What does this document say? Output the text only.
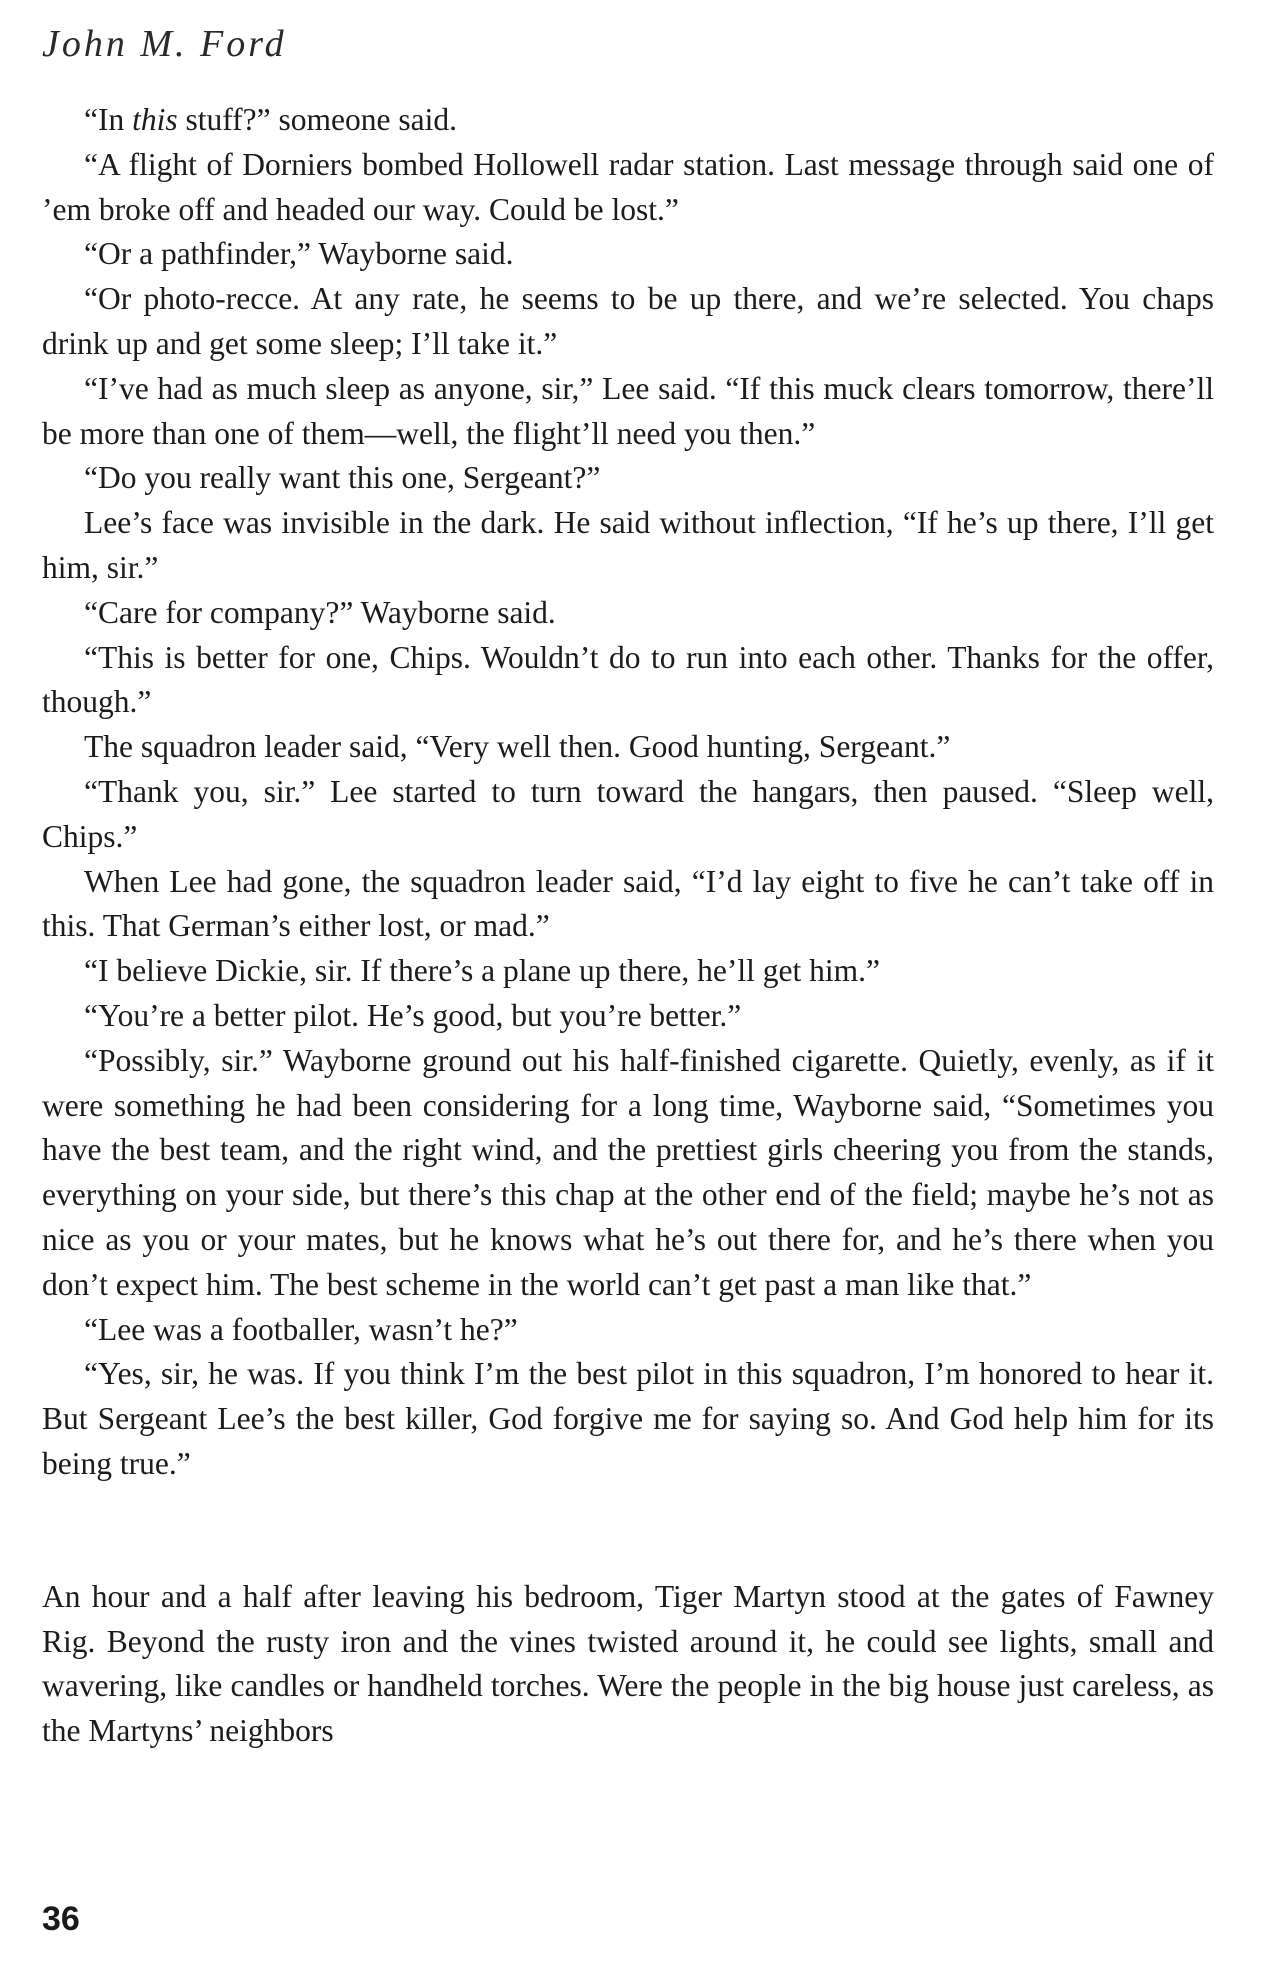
John M. Ford

“In this stuff?” someone said.

“A flight of Dorniers bombed Hollowell radar station. Last message through said one of ’em broke off and headed our way. Could be lost.”

“Or a pathfinder,” Wayborne said.

“Or photo-recce. At any rate, he seems to be up there, and we’re selected. You chaps drink up and get some sleep; I’ll take it.”

“I’ve had as much sleep as anyone, sir,” Lee said. “If this muck clears tomorrow, there’ll be more than one of them—well, the flight’ll need you then.”

“Do you really want this one, Sergeant?”

Lee’s face was invisible in the dark. He said without inflection, “If he’s up there, I’ll get him, sir.”

“Care for company?” Wayborne said.

“This is better for one, Chips. Wouldn’t do to run into each other. Thanks for the offer, though.”

The squadron leader said, “Very well then. Good hunting, Sergeant.”

“Thank you, sir.” Lee started to turn toward the hangars, then paused. “Sleep well, Chips.”

When Lee had gone, the squadron leader said, “I’d lay eight to five he can’t take off in this. That German’s either lost, or mad.”

“I believe Dickie, sir. If there’s a plane up there, he’ll get him.”

“You’re a better pilot. He’s good, but you’re better.”

“Possibly, sir.” Wayborne ground out his half-finished cigarette. Quietly, evenly, as if it were something he had been considering for a long time, Wayborne said, “Sometimes you have the best team, and the right wind, and the prettiest girls cheering you from the stands, everything on your side, but there’s this chap at the other end of the field; maybe he’s not as nice as you or your mates, but he knows what he’s out there for, and he’s there when you don’t expect him. The best scheme in the world can’t get past a man like that.”

“Lee was a footballer, wasn’t he?”

“Yes, sir, he was. If you think I’m the best pilot in this squadron, I’m honored to hear it. But Sergeant Lee’s the best killer, God forgive me for saying so. And God help him for its being true.”

An hour and a half after leaving his bedroom, Tiger Martyn stood at the gates of Fawney Rig. Beyond the rusty iron and the vines twisted around it, he could see lights, small and wavering, like candles or handheld torches. Were the people in the big house just careless, as the Martyns’ neighbors

36
